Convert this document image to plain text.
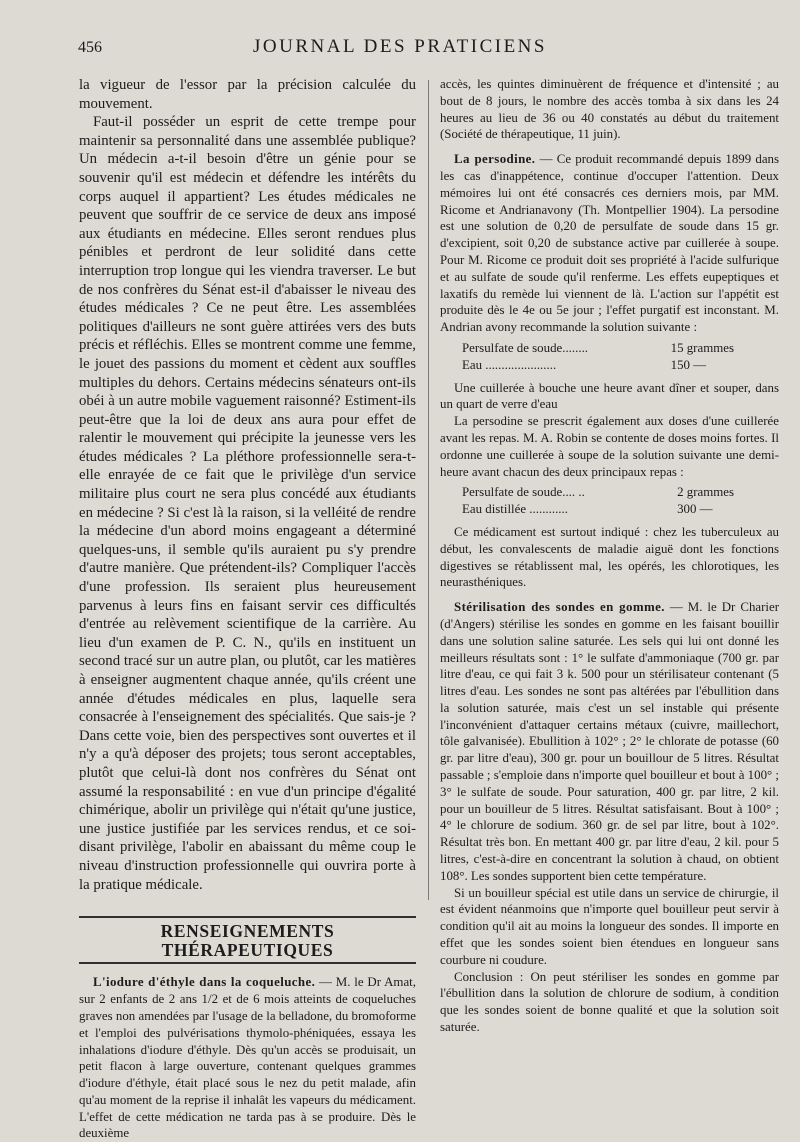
456	JOURNAL DES PRATICIENS

la vigueur de l'essor par la précision calculée du mouvement.

Faut-il posséder un esprit de cette trempe pour maintenir sa personnalité dans une assemblée publique? Un médecin a-t-il besoin d'être un génie pour se souvenir qu'il est médecin et défendre les intérêts du corps auquel il appartient? Les études médicales ne peuvent que souffrir de ce service de deux ans imposé aux étudiants en médecine. Elles seront rendues plus pénibles et perdront de leur solidité dans cette interruption trop longue qui les viendra traverser. Le but de nos confrères du Sénat est-il d'abaisser le niveau des études médicales ? Ce ne peut être. Les assemblées politiques d'ailleurs ne sont guère attirées vers des buts précis et réfléchis. Elles se montrent comme une femme, le jouet des passions du moment et cèdent aux souffles multiples du dehors. Certains médecins sénateurs ont-ils obéi à un autre mobile vaguement raisonné? Estiment-ils peut-être que la loi de deux ans aura pour effet de ralentir le mouvement qui précipite la jeunesse vers les études médicales ? La pléthore professionnelle sera-t-elle enrayée de ce fait que le privilège d'un service militaire plus court ne sera plus concédé aux étudiants en médecine ? Si c'est là la raison, si la velléité de rendre la médecine d'un abord moins engageant a déterminé quelques-uns, il semble qu'ils auraient pu s'y prendre d'autre manière. Que prétendent-ils? Compliquer l'accès d'une profession. Ils seraient plus heureusement parvenus à leurs fins en faisant servir ces difficultés d'entrée au relèvement scientifique de la carrière. Au lieu d'un examen de P. C. N., qu'ils en instituent un second tracé sur un autre plan, ou plutôt, car les matières à enseigner augmentent chaque année, qu'ils créent une année d'études médicales en plus, laquelle sera consacrée à l'enseignement des spécialités. Que sais-je ? Dans cette voie, bien des perspectives sont ouvertes et il n'y a qu'à déposer des projets; tous seront acceptables, plutôt que celui-là dont nos confrères du Sénat ont assumé la responsabilité : en vue d'un principe d'égalité chimérique, abolir un privilège qui n'était qu'une justice, une justice justifiée par les services rendus, et ce soi-disant privilège, l'abolir en abaissant du même coup le niveau d'instruction professionnelle qui ouvrira porte à la pratique médicale.

RENSEIGNEMENTS THÉRAPEUTIQUES

L'iodure d'éthyle dans la coqueluche. — M. le Dr Amat, sur 2 enfants de 2 ans 1/2 et de 6 mois atteints de coqueluches graves non amendées par l'usage de la belladone, du bromoforme et l'emploi des pulvérisations thymolo-phéniquées, essaya les inhalations d'iodure d'éthyle. Dès qu'un accès se produisait, un petit flacon à large ouverture, contenant quelques grammes d'iodure d'éthyle, était placé sous le nez du petit malade, afin qu'au moment de la reprise il inhalât les vapeurs du médicament. L'effet de cette médication ne tarda pas à se produire. Dès le deuxième

accès, les quintes diminuèrent de fréquence et d'intensité ; au bout de 8 jours, le nombre des accès tomba à six dans les 24 heures au lieu de 36 ou 40 constatés au début du traitement (Société de thérapeutique, 11 juin).

La persodine. — Ce produit recommandé depuis 1899 dans les cas d'inappétence, continue d'occuper l'attention. Deux mémoires lui ont été consacrés ces derniers mois, par MM. Ricome et Andrianavony (Th. Montpellier 1904). La persodine est une solution de 0,20 de persulfate de soude dans 15 gr. d'excipient, soit 0,20 de substance active par cuillerée à soupe. Pour M. Ricome ce produit doit ses propriété à l'acide sulfurique et au sulfate de soude qu'il renferme. Les effets eupeptiques et laxatifs du remède lui viennent de là. L'action sur l'appétit est produite dès le 4e ou 5e jour ; l'effet purgatif est inconstant. M. Andrian avony recommande la solution suivante :

Persulfate de soude........	15 grammes
Eau ......................	150 —

Une cuillerée à bouche une heure avant dîner et souper, dans un quart de verre d'eau

La persodine se prescrit également aux doses d'une cuillerée avant les repas. M. A. Robin se contente de doses moins fortes. Il ordonne une cuillerée à soupe de la solution suivante une demi-heure avant chacun des deux principaux repas :

Persulfate de soude.... ..	2 grammes
Eau distillée ............	300 —

Ce médicament est surtout indiqué : chez les tuberculeux au début, les convalescents de maladie aiguë dont les fonctions digestives se rétablissent mal, les opérés, les chlorotiques, les neurasthéniques.

Stérilisation des sondes en gomme. — M. le Dr Charier (d'Angers) stérilise les sondes en gomme en les faisant bouillir dans une solution saline saturée. Les sels qui lui ont donné les meilleurs résultats sont : 1° le sulfate d'ammoniaque (700 gr. par litre d'eau, ce qui fait 3 k. 500 pour un stérilisateur contenant (5 litres d'eau. Les sondes ne sont pas altérées par l'ébullition dans la solution saturée, mais c'est un sel instable qui présente l'inconvénient d'attaquer certains métaux (cuivre, maillechort, tôle galvanisée). Ebullition à 102° ; 2° le chlorate de potasse (60 gr. par litre d'eau), 300 gr. pour un bouillour de 5 litres. Résultat passable ; s'emploie dans n'importe quel bouilleur et bout à 100° ; 3° le sulfate de soude. Pour saturation, 400 gr. par litre, 2 kil. pour un bouilleur de 5 litres. Résultat satisfaisant. Bout à 100° ; 4° le chlorure de sodium. 360 gr. de sel par litre, bout à 102°. Résultat très bon. En mettant 400 gr. par litre d'eau, 2 kil. pour 5 litres, c'est-à-dire en concentrant la solution à chaud, on obtient 108°. Les sondes supportent bien cette température.

Si un bouilleur spécial est utile dans un service de chirurgie, il est évident néanmoins que n'importe quel bouilleur peut servir à condition qu'il ait au moins la longueur des sondes. Il importe en effet que les sondes soient bien étendues en longueur sans courbure ni coudure.

Conclusion : On peut stériliser les sondes en gomme par l'ébullition dans la solution de chlorure de sodium, à condition que les sondes soient de bonne qualité et que la solution soit saturée.
